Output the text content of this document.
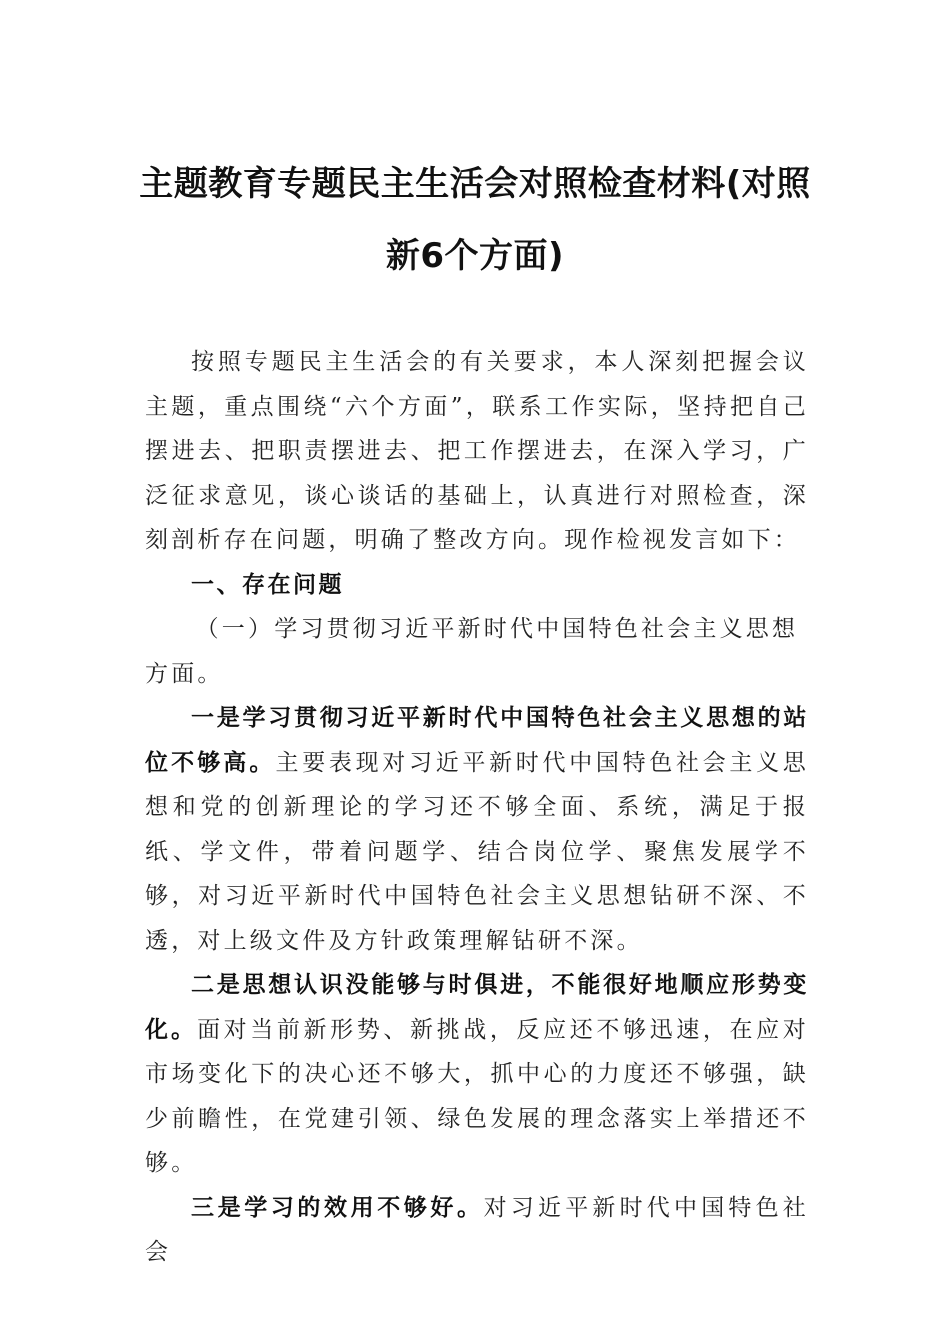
主题教育专题民主生活会对照检查材料(对照新6个方面)

按照专题民主生活会的有关要求，本人深刻把握会议主题，重点围绕“六个方面”，联系工作实际，坚持把自己摆进去、把职责摆进去、把工作摆进去，在深入学习，广泛征求意见，谈心谈话的基础上，认真进行对照检查，深刻剖析存在问题，明确了整改方向。现作检视发言如下：

一、存在问题

（一）学习贯彻习近平新时代中国特色社会主义思想方面。

一是学习贯彻习近平新时代中国特色社会主义思想的站位不够高。主要表现对习近平新时代中国特色社会主义思想和党的创新理论的学习还不够全面、系统，满足于报纸、学文件，带着问题学、结合岗位学、聚焦发展学不够，对习近平新时代中国特色社会主义思想钻研不深、不透，对上级文件及方针政策理解钻研不深。

二是思想认识没能够与时俱进，不能很好地顺应形势变化。面对当前新形势、新挑战，反应还不够迅速，在应对市场变化下的决心还不够大，抓中心的力度还不够强，缺少前瞻性，在党建引领、绿色发展的理念落实上举措还不够。

三是学习的效用不够好。对习近平新时代中国特色社会
